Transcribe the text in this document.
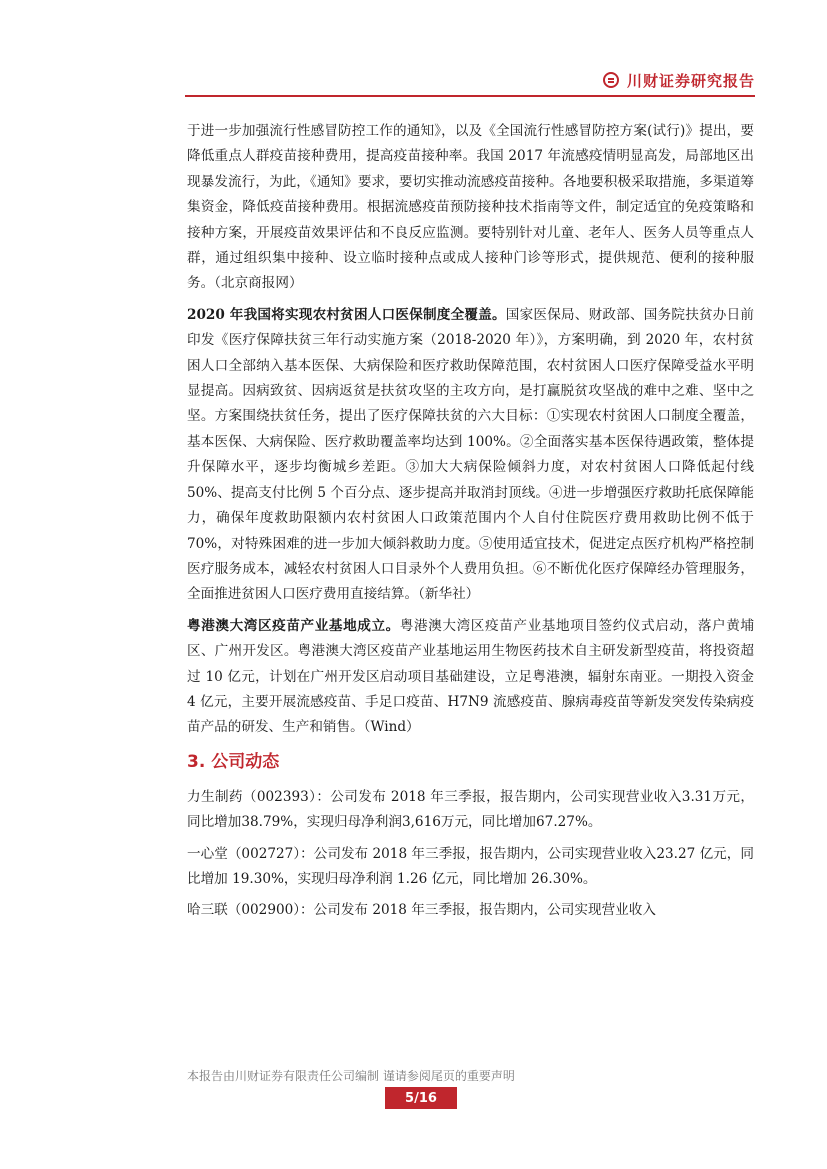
川财证券研究报告

于进一步加强流行性感冒防控工作的通知》，以及《全国流行性感冒防控方案(试行)》提出，要降低重点人群疫苗接种费用，提高疫苗接种率。我国 2017 年流感疫情明显高发，局部地区出现暴发流行，为此，《通知》要求，要切实推动流感疫苗接种。各地要积极采取措施，多渠道筹集资金，降低疫苗接种费用。根据流感疫苗预防接种技术指南等文件，制定适宜的免疫策略和接种方案，开展疫苗效果评估和不良反应监测。要特别针对儿童、老年人、医务人员等重点人群，通过组织集中接种、设立临时接种点或成人接种门诊等形式，提供规范、便利的接种服务。（北京商报网）

2020 年我国将实现农村贫困人口医保制度全覆盖。国家医保局、财政部、国务院扶贫办日前印发《医疗保障扶贫三年行动实施方案（2018-2020 年）》，方案明确，到 2020 年，农村贫困人口全部纳入基本医保、大病保险和医疗救助保障范围，农村贫困人口医疗保障受益水平明显提高。因病致贫、因病返贫是扶贫攻坚的主攻方向，是打赢脱贫攻坚战的难中之难、坚中之坚。方案围绕扶贫任务，提出了医疗保障扶贫的六大目标：①实现农村贫困人口制度全覆盖，基本医保、大病保险、医疗救助覆盖率均达到 100%。②全面落实基本医保待遇政策，整体提升保障水平，逐步均衡城乡差距。③加大大病保险倾斜力度，对农村贫困人口降低起付线 50%、提高支付比例 5 个百分点、逐步提高并取消封顶线。④进一步增强医疗救助托底保障能力，确保年度救助限额内农村贫困人口政策范围内个人自付住院医疗费用救助比例不低于 70%，对特殊困难的进一步加大倾斜救助力度。⑤使用适宜技术，促进定点医疗机构严格控制医疗服务成本，减轻农村贫困人口目录外个人费用负担。⑥不断优化医疗保障经办管理服务，全面推进贫困人口医疗费用直接结算。（新华社）

粤港澳大湾区疫苗产业基地成立。粤港澳大湾区疫苗产业基地项目签约仪式启动，落户黄埔区、广州开发区。粤港澳大湾区疫苗产业基地运用生物医药技术自主研发新型疫苗，将投资超过 10 亿元，计划在广州开发区启动项目基础建设，立足粤港澳，辐射东南亚。一期投入资金 4 亿元，主要开展流感疫苗、手足口疫苗、H7N9 流感疫苗、腺病毒疫苗等新发突发传染病疫苗产品的研发、生产和销售。（Wind）

3. 公司动态

力生制药（002393）：公司发布 2018 年三季报，报告期内，公司实现营业收入3.31万元，同比增加38.79%，实现归母净利润3,616万元，同比增加67.27%。

一心堂（002727）：公司发布 2018 年三季报，报告期内，公司实现营业收入23.27 亿元，同比增加 19.30%，实现归母净利润 1.26 亿元，同比增加 26.30%。

哈三联（002900）：公司发布 2018 年三季报，报告期内，公司实现营业收入

本报告由川财证券有限责任公司编制 谨请参阅尾页的重要声明
5/16
